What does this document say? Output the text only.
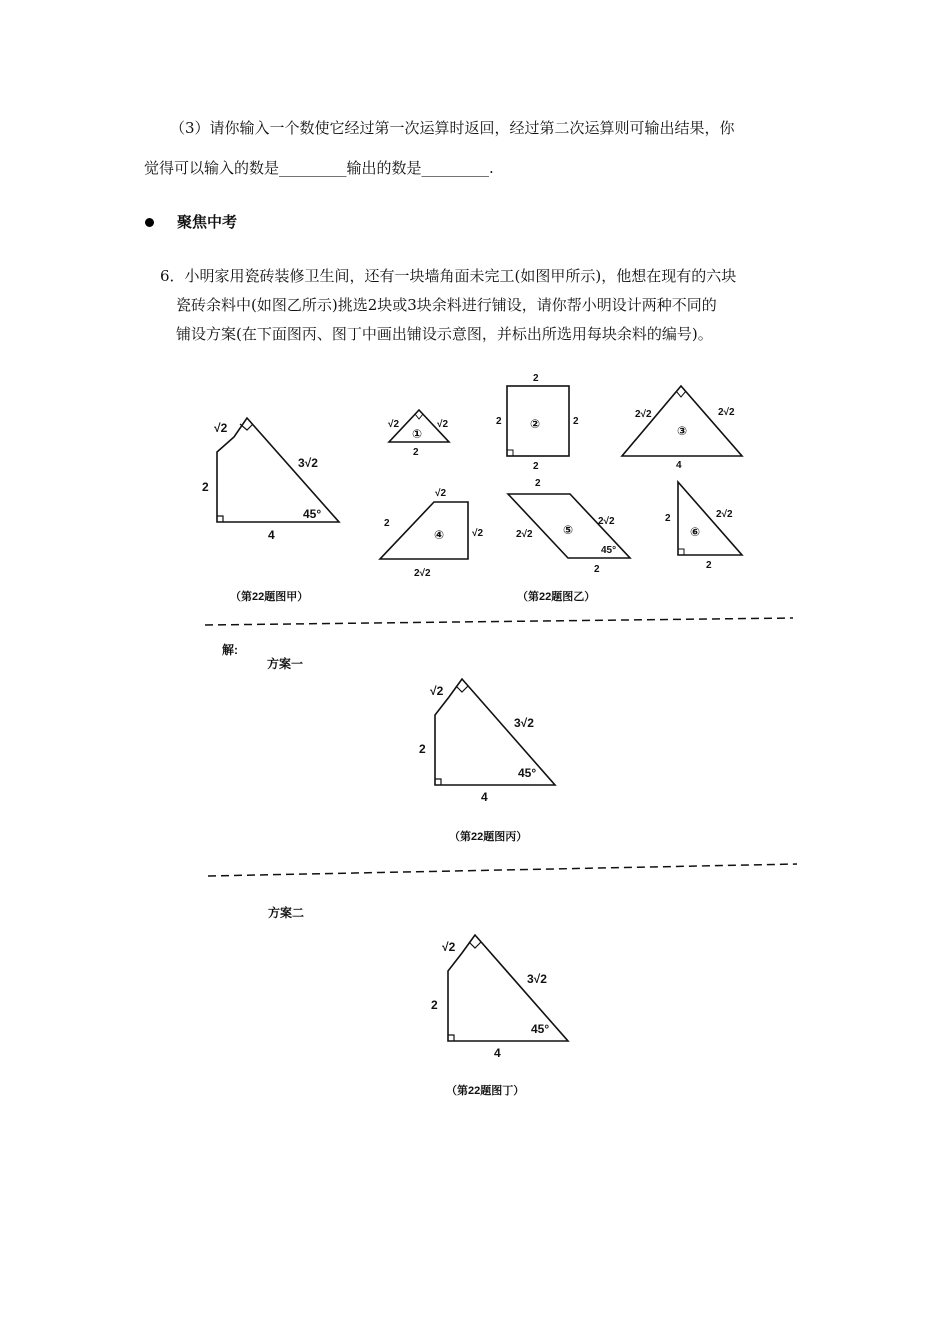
（3）请你输入一个数使它经过第一次运算时返回，经过第二次运算则可输出结果，你
觉得可以输入的数是_________输出的数是_________.
聚焦中考
6．小明家用瓷砖装修卫生间，还有一块墙角面未完工(如图甲所示)，他想在现有的六块
瓷砖余料中(如图乙所示)挑选2块或3块余料进行铺设，请你帮小明设计两种不同的
铺设方案(在下面图丙、图丁中画出铺设示意图，并标出所选用每块余料的编号)。
√2
3√2
2
4
45°
（第22题图甲）
√2	√2
2
①
2
2	2
2
②
2√2	2√2
4
③
√2
2
√2
2√2
④
2
2√2
2√2
2
45°
⑤
2	2√2
2
⑥
（第22题图乙）
解:
方案一
√2
3√2
2
4
45°
（第22题图丙）
方案二
√2
3√2
2
4
45°
（第22题图丁）
